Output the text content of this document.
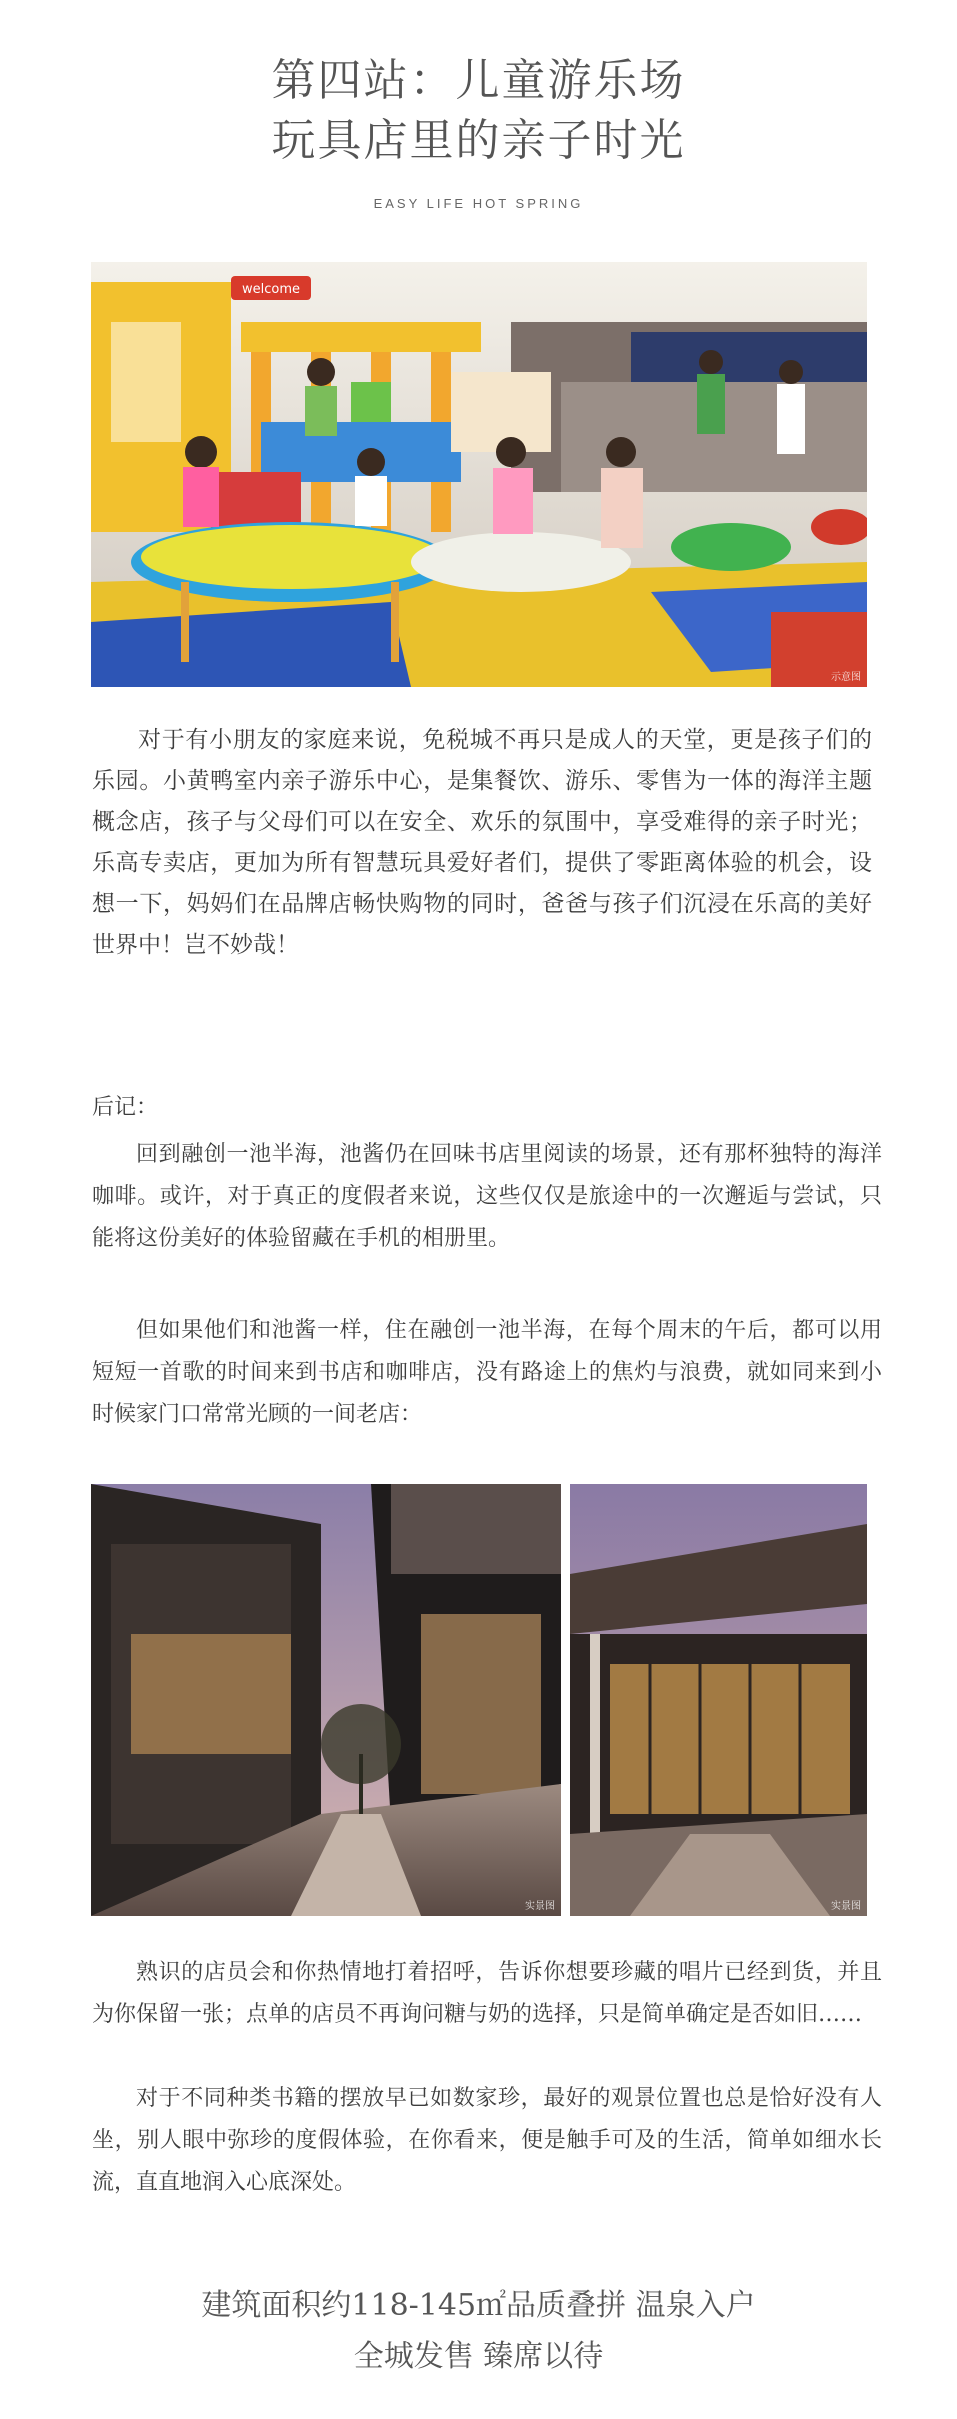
第四站：儿童游乐场
玩具店里的亲子时光
EASY LIFE HOT SPRING
welcome
示意图
对于有小朋友的家庭来说，免税城不再只是成人的天堂，更是孩子们的乐园。小黄鸭室内亲子游乐中心，是集餐饮、游乐、零售为一体的海洋主题概念店，孩子与父母们可以在安全、欢乐的氛围中，享受难得的亲子时光；乐高专卖店，更加为所有智慧玩具爱好者们，提供了零距离体验的机会，设想一下，妈妈们在品牌店畅快购物的同时，爸爸与孩子们沉浸在乐高的美好世界中！岂不妙哉！
后记：
回到融创一池半海，池酱仍在回味书店里阅读的场景，还有那杯独特的海洋咖啡。或许，对于真正的度假者来说，这些仅仅是旅途中的一次邂逅与尝试，只能将这份美好的体验留藏在手机的相册里。
但如果他们和池酱一样，住在融创一池半海，在每个周末的午后，都可以用短短一首歌的时间来到书店和咖啡店，没有路途上的焦灼与浪费，就如同来到小时候家门口常常光顾的一间老店：
实景图	实景图
熟识的店员会和你热情地打着招呼，告诉你想要珍藏的唱片已经到货，并且为你保留一张；点单的店员不再询问糖与奶的选择，只是简单确定是否如旧……
对于不同种类书籍的摆放早已如数家珍，最好的观景位置也总是恰好没有人坐，别人眼中弥珍的度假体验，在你看来，便是触手可及的生活，简单如细水长流，直直地润入心底深处。
建筑面积约118-145㎡品质叠拼 温泉入户
全城发售 臻席以待
